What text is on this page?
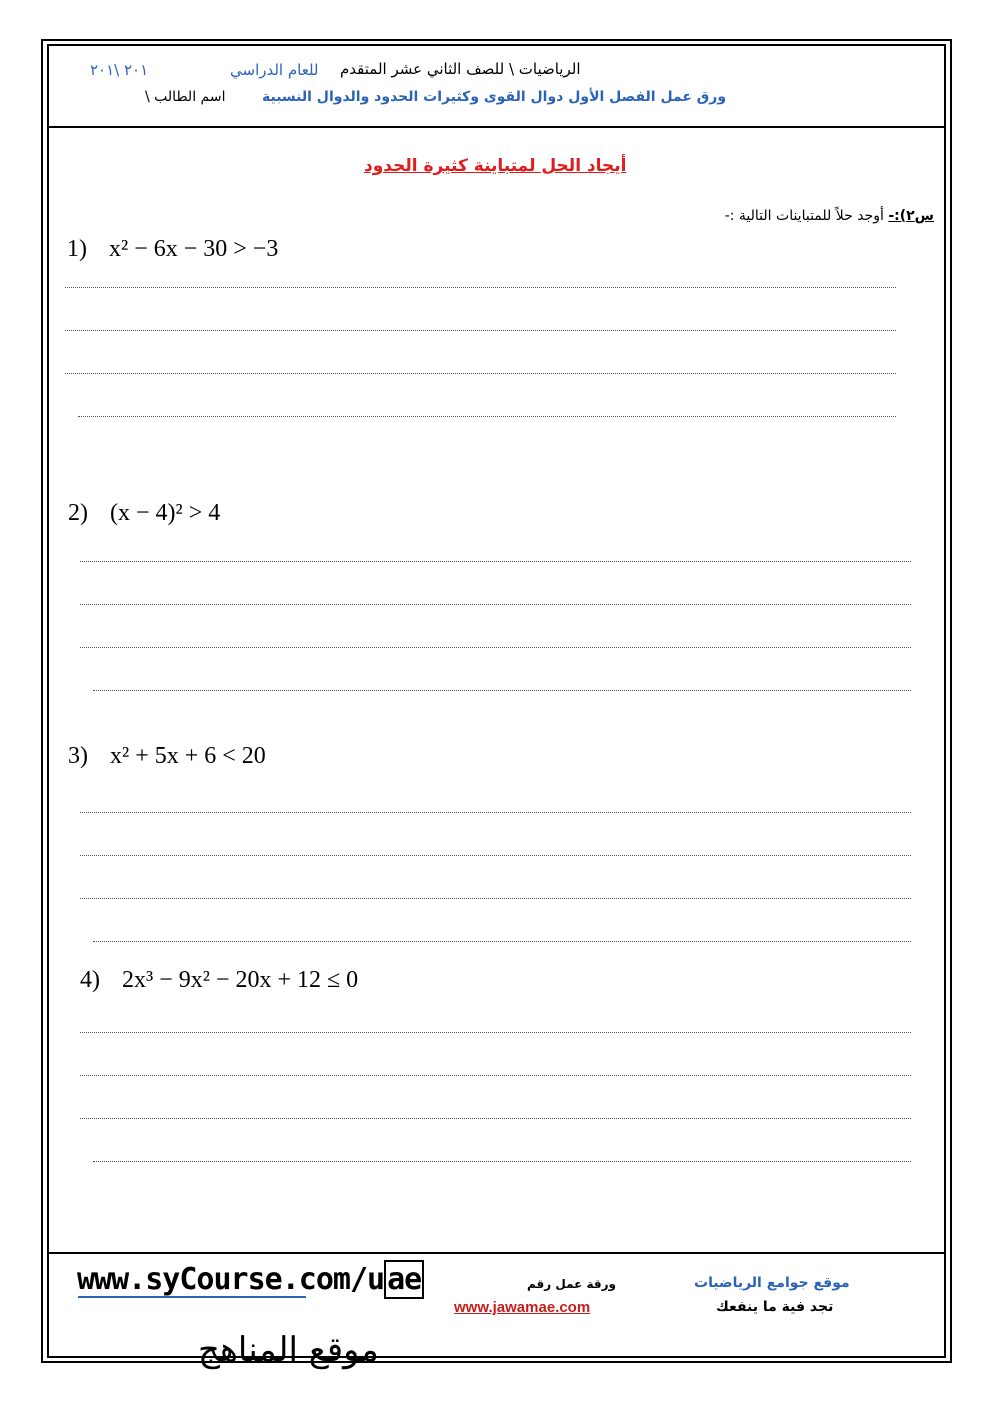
الرياضيات \ للصف الثاني عشر المتقدم
للعام الدراسي
٢٠١ \٢٠١
ورق عمل الفصل الأول دوال القوى وكثيرات الحدود والدوال النسبية
اسم الطالب \
أيجاد الحل لمتباينة كثيرة الحدود
س٢):- أوجد حلاً للمتباينات التالية :-
1) x² − 6x − 30 > −3
2) (x − 4)² > 4
3) x² + 5x + 6 < 20
4) 2x³ − 9x² − 20x + 12 ≤ 0
www.syCourse.com/u ae	ورقة عمل رقم
www.jawamae.com
موقع جوامع الرياضيات
تجد فية ما ينفعك
موقع المناهج
